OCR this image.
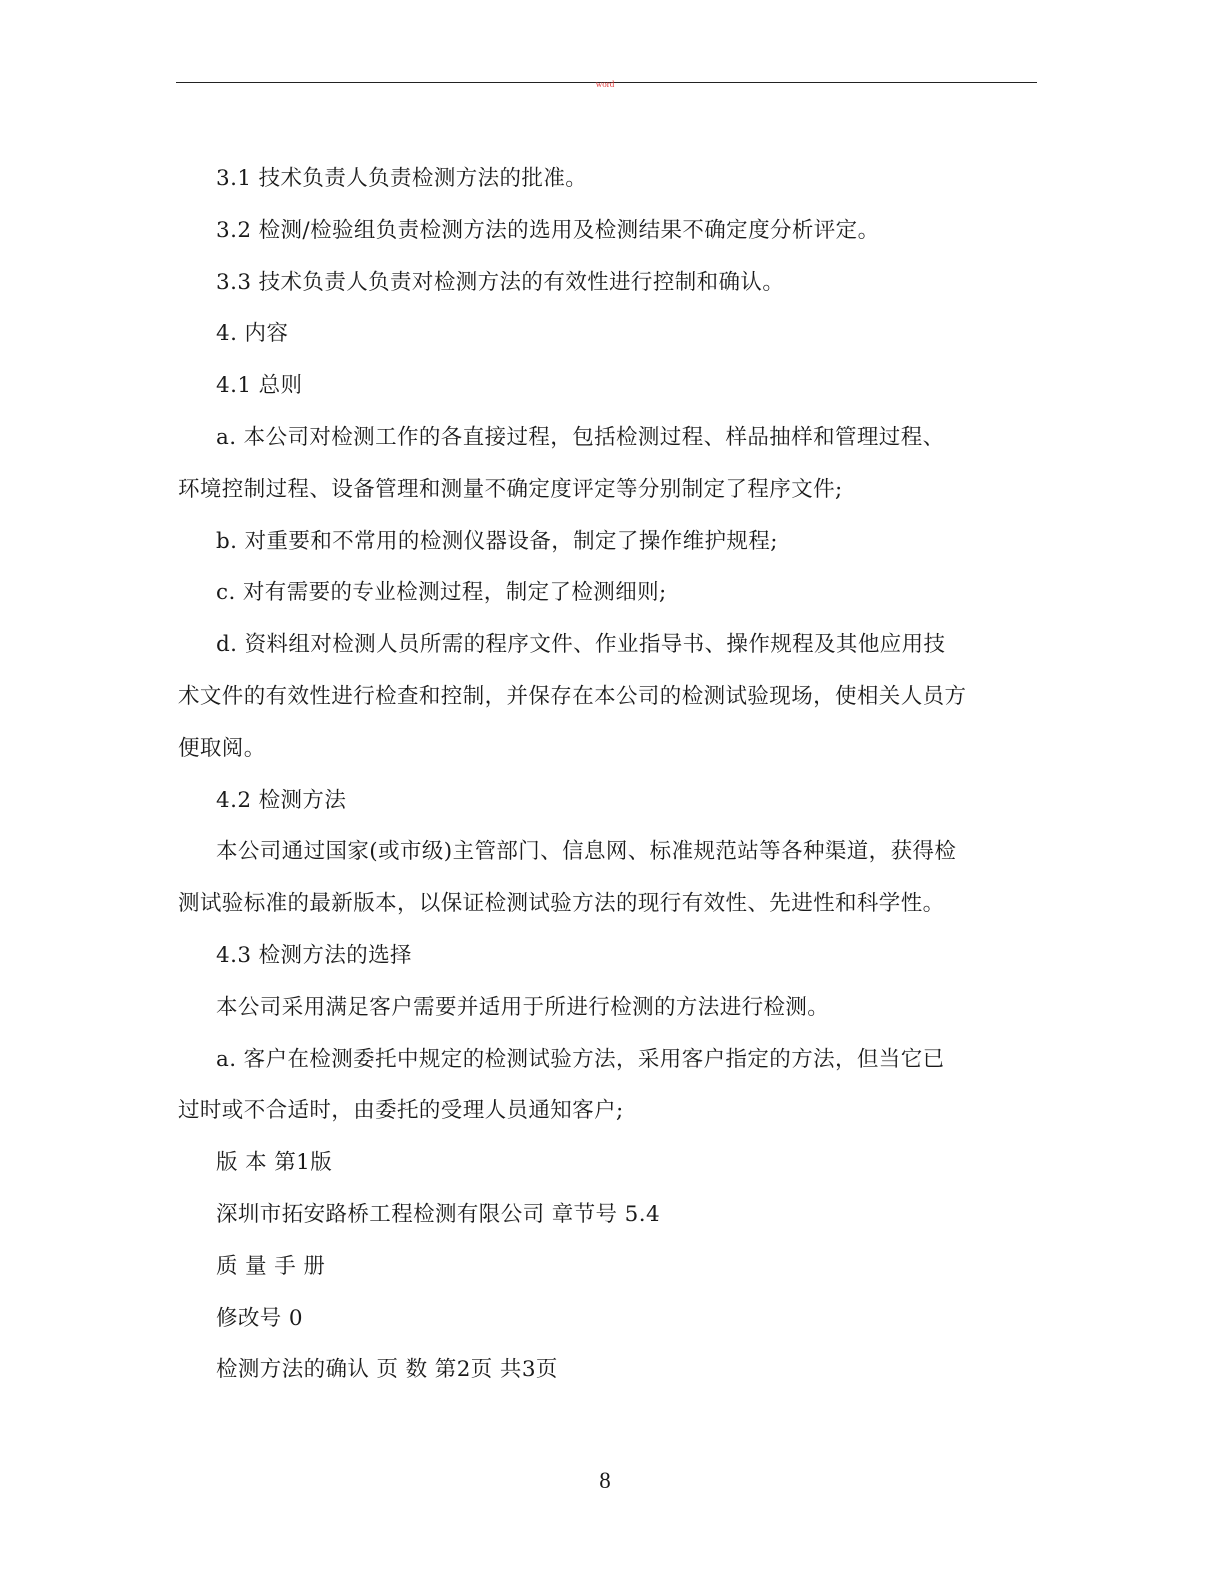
word
3.1 技术负责人负责检测方法的批准。
3.2 检测/检验组负责检测方法的选用及检测结果不确定度分析评定。
3.3 技术负责人负责对检测方法的有效性进行控制和确认。
4. 内容
4.1 总则
a. 本公司对检测工作的各直接过程，包括检测过程、样品抽样和管理过程、
环境控制过程、设备管理和测量不确定度评定等分别制定了程序文件;
b. 对重要和不常用的检测仪器设备，制定了操作维护规程;
c. 对有需要的专业检测过程，制定了检测细则;
d. 资料组对检测人员所需的程序文件、作业指导书、操作规程及其他应用技
术文件的有效性进行检查和控制，并保存在本公司的检测试验现场，使相关人员方
便取阅。
4.2 检测方法
本公司通过国家(或市级)主管部门、信息网、标准规范站等各种渠道，获得检
测试验标准的最新版本，以保证检测试验方法的现行有效性、先进性和科学性。
4.3 检测方法的选择
本公司采用满足客户需要并适用于所进行检测的方法进行检测。
a. 客户在检测委托中规定的检测试验方法，采用客户指定的方法，但当它已
过时或不合适时，由委托的受理人员通知客户;
版 本 第1版
深圳市拓安路桥工程检测有限公司 章节号 5.4
质 量 手 册
修改号 0
检测方法的确认 页 数 第2页 共3页
8
